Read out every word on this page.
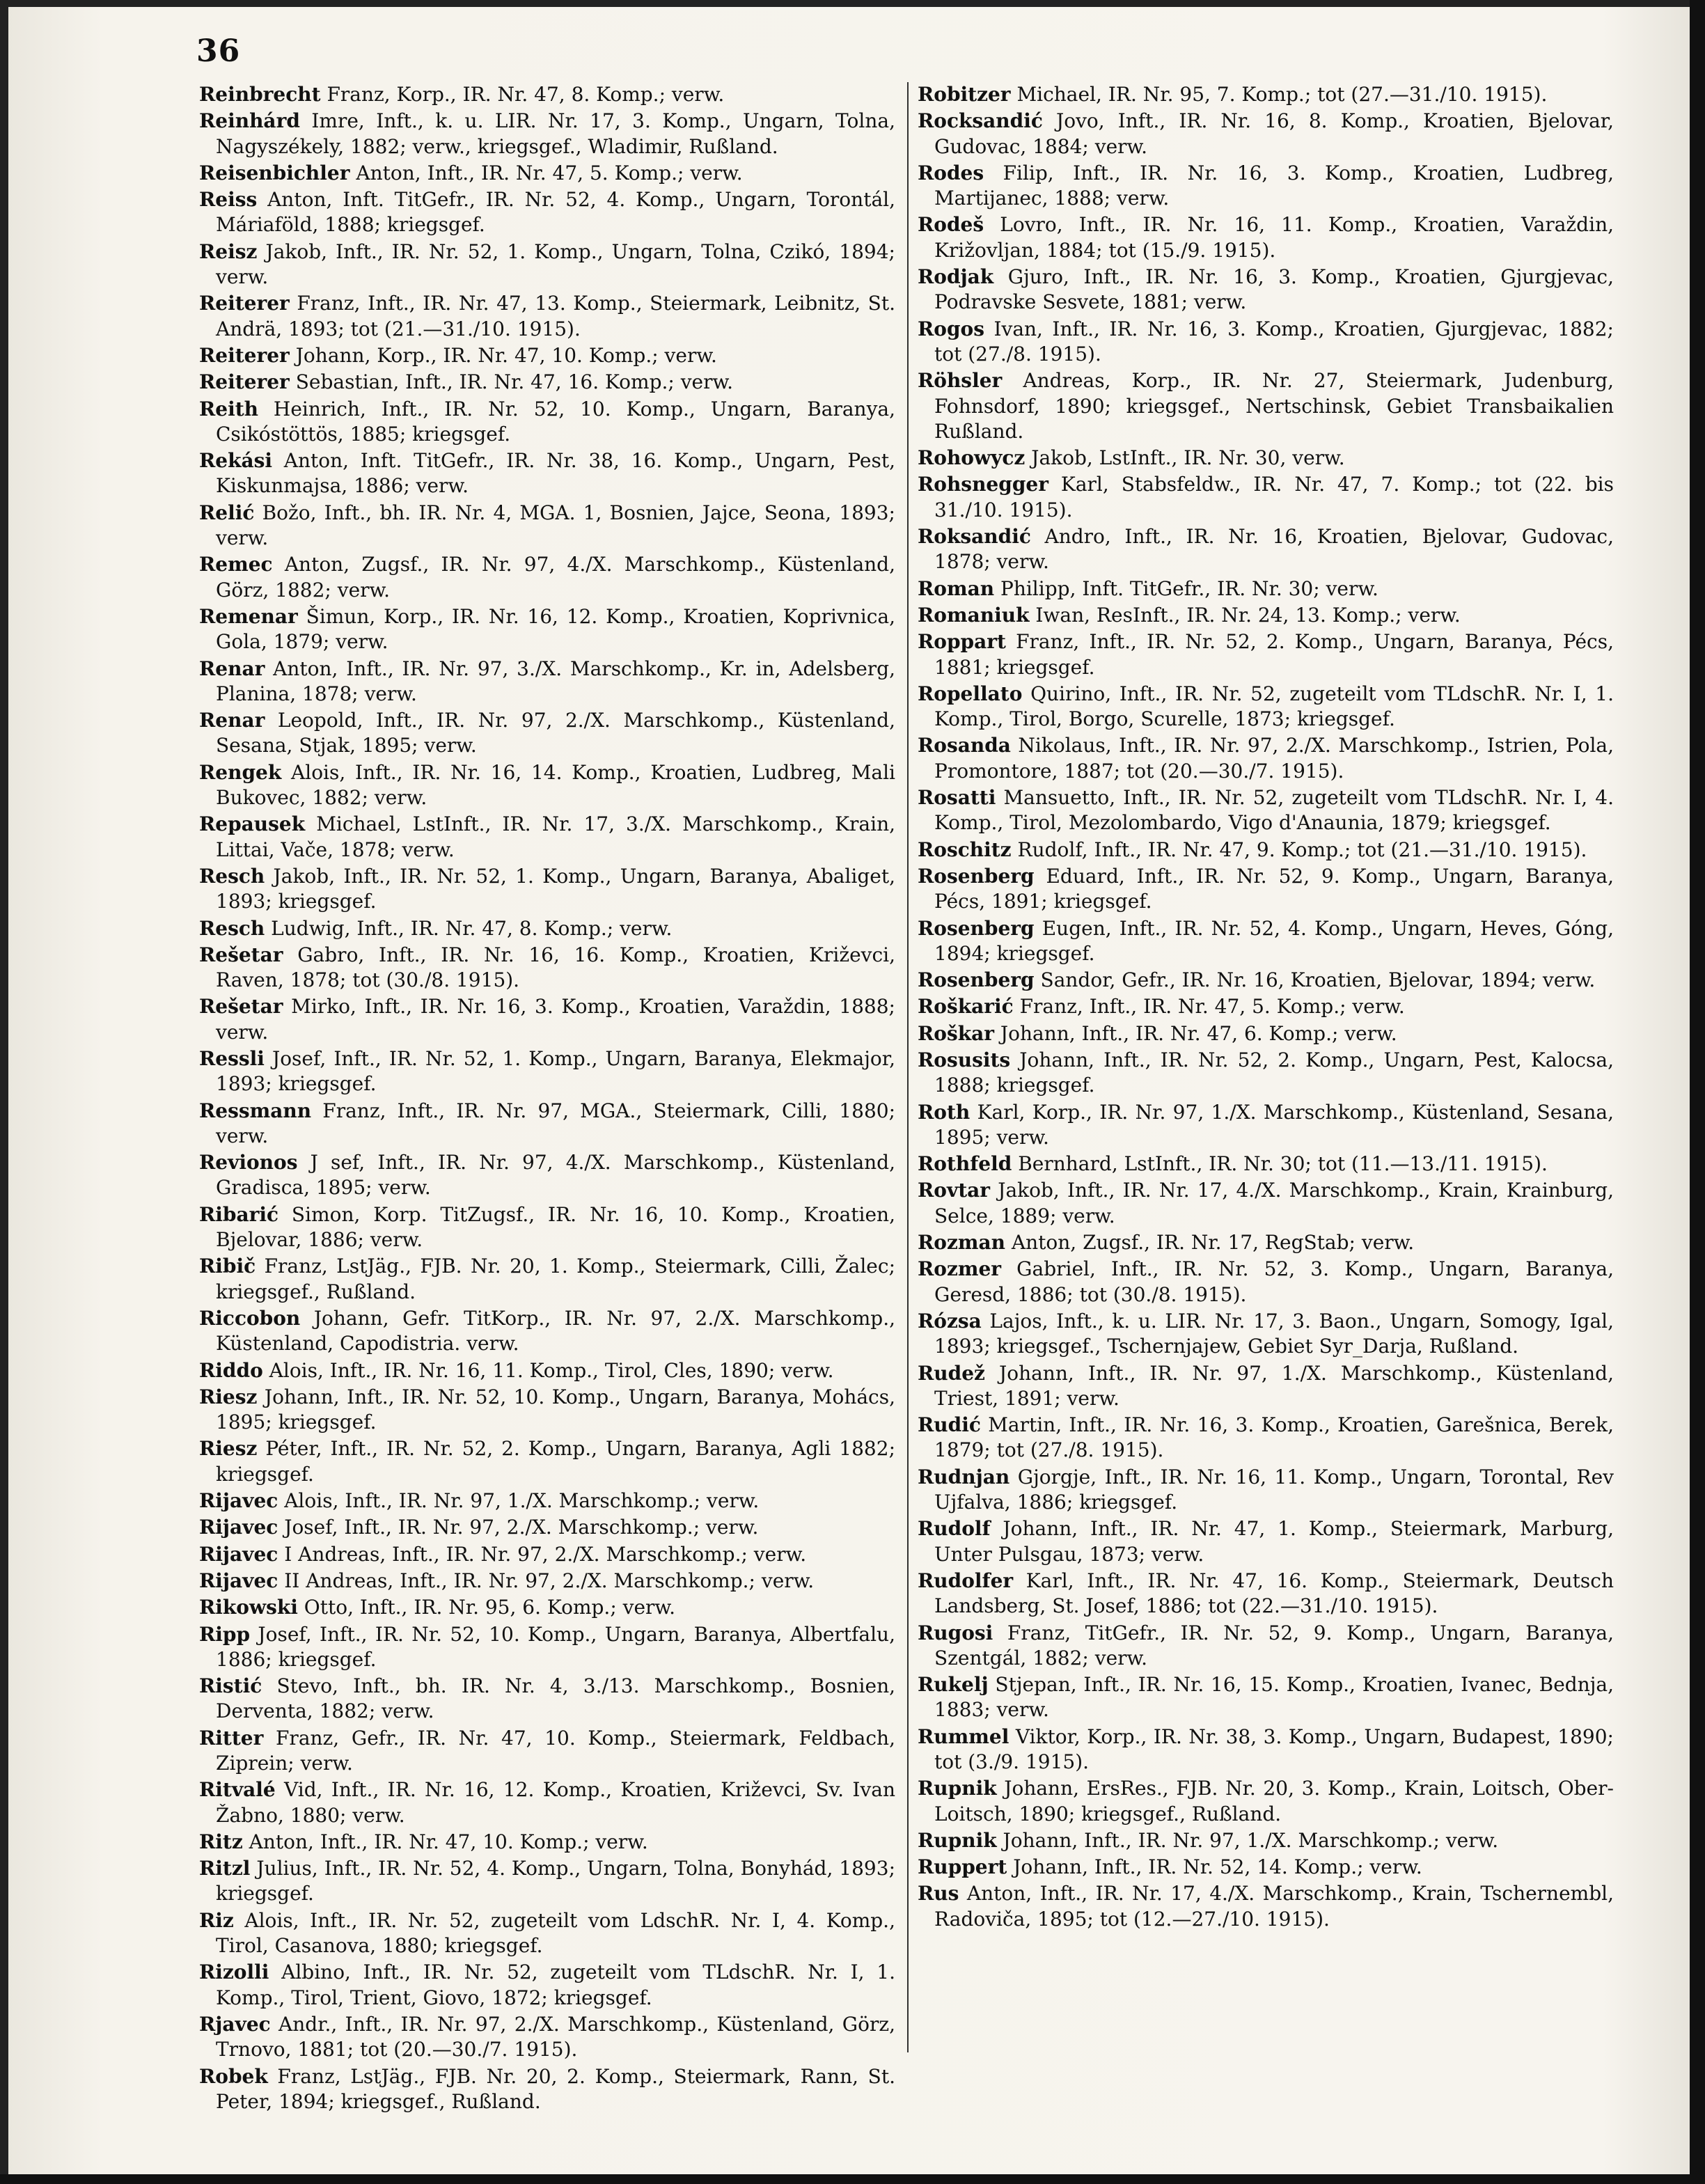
36

Reinbrecht Franz, Korp., IR. Nr. 47, 8. Komp.; verw.

Reinhárd Imre, Inft., k. u. LIR. Nr. 17, 3. Komp., Ungarn, Tolna, Nagyszékely, 1882; verw., kriegsgef., Wladimir, Rußland.

Reisenbichler Anton, Inft., IR. Nr. 47, 5. Komp.; verw.

Reiss Anton, Inft. TitGefr., IR. Nr. 52, 4. Komp., Ungarn, Torontál, Máriaföld, 1888; kriegsgef.

Reisz Jakob, Inft., IR. Nr. 52, 1. Komp., Ungarn, Tolna, Czikó, 1894; verw.

Reiterer Franz, Inft., IR. Nr. 47, 13. Komp., Steiermark, Leibnitz, St. Andrä, 1893; tot (21.—31./10. 1915).

Reiterer Johann, Korp., IR. Nr. 47, 10. Komp.; verw.

Reiterer Sebastian, Inft., IR. Nr. 47, 16. Komp.; verw.

Reith Heinrich, Inft., IR. Nr. 52, 10. Komp., Ungarn, Baranya, Csikóstöttös, 1885; kriegsgef.

Rekási Anton, Inft. TitGefr., IR. Nr. 38, 16. Komp., Ungarn, Pest, Kiskunmajsa, 1886; verw.

Relić Božo, Inft., bh. IR. Nr. 4, MGA. 1, Bosnien, Jajce, Seona, 1893; verw.

Remec Anton, Zugsf., IR. Nr. 97, 4./X. Marschkomp., Küstenland, Görz, 1882; verw.

Remenar Šimun, Korp., IR. Nr. 16, 12. Komp., Kroatien, Koprivnica, Gola, 1879; verw.

Renar Anton, Inft., IR. Nr. 97, 3./X. Marschkomp., Kr. in, Adelsberg, Planina, 1878; verw.

Renar Leopold, Inft., IR. Nr. 97, 2./X. Marschkomp., Küstenland, Sesana, Stjak, 1895; verw.

Rengek Alois, Inft., IR. Nr. 16, 14. Komp., Kroatien, Ludbreg, Mali Bukovec, 1882; verw.

Repausek Michael, LstInft., IR. Nr. 17, 3./X. Marschkomp., Krain, Littai, Vače, 1878; verw.

Resch Jakob, Inft., IR. Nr. 52, 1. Komp., Ungarn, Baranya, Abaliget, 1893; kriegsgef.

Resch Ludwig, Inft., IR. Nr. 47, 8. Komp.; verw.

Rešetar Gabro, Inft., IR. Nr. 16, 16. Komp., Kroatien, Križevci, Raven, 1878; tot (30./8. 1915).

Rešetar Mirko, Inft., IR. Nr. 16, 3. Komp., Kroatien, Varaždin, 1888; verw.

Ressli Josef, Inft., IR. Nr. 52, 1. Komp., Ungarn, Baranya, Elekmajor, 1893; kriegsgef.

Ressmann Franz, Inft., IR. Nr. 97, MGA., Steiermark, Cilli, 1880; verw.

Revionos J sef, Inft., IR. Nr. 97, 4./X. Marschkomp., Küstenland, Gradisca, 1895; verw.

Ribarić Simon, Korp. TitZugsf., IR. Nr. 16, 10. Komp., Kroatien, Bjelovar, 1886; verw.

Ribič Franz, LstJäg., FJB. Nr. 20, 1. Komp., Steiermark, Cilli, Žalec; kriegsgef., Rußland.

Riccobon Johann, Gefr. TitKorp., IR. Nr. 97, 2./X. Marschkomp., Küstenland, Capodistria. verw.

Riddo Alois, Inft., IR. Nr. 16, 11. Komp., Tirol, Cles, 1890; verw.

Riesz Johann, Inft., IR. Nr. 52, 10. Komp., Ungarn, Baranya, Mohács, 1895; kriegsgef.

Riesz Péter, Inft., IR. Nr. 52, 2. Komp., Ungarn, Baranya, Agli 1882; kriegsgef.

Rijavec Alois, Inft., IR. Nr. 97, 1./X. Marschkomp.; verw.

Rijavec Josef, Inft., IR. Nr. 97, 2./X. Marschkomp.; verw.

Rijavec I Andreas, Inft., IR. Nr. 97, 2./X. Marschkomp.; verw.

Rijavec II Andreas, Inft., IR. Nr. 97, 2./X. Marschkomp.; verw.

Rikowski Otto, Inft., IR. Nr. 95, 6. Komp.; verw.

Ripp Josef, Inft., IR. Nr. 52, 10. Komp., Ungarn, Baranya, Albertfalu, 1886; kriegsgef.

Ristić Stevo, Inft., bh. IR. Nr. 4, 3./13. Marschkomp., Bosnien, Derventa, 1882; verw.

Ritter Franz, Gefr., IR. Nr. 47, 10. Komp., Steiermark, Feldbach, Ziprein; verw.

Ritvalé Vid, Inft., IR. Nr. 16, 12. Komp., Kroatien, Križevci, Sv. Ivan Žabno, 1880; verw.

Ritz Anton, Inft., IR. Nr. 47, 10. Komp.; verw.

Ritzl Julius, Inft., IR. Nr. 52, 4. Komp., Ungarn, Tolna, Bonyhád, 1893; kriegsgef.

Riz Alois, Inft., IR. Nr. 52, zugeteilt vom LdschR. Nr. I, 4. Komp., Tirol, Casanova, 1880; kriegsgef.

Rizolli Albino, Inft., IR. Nr. 52, zugeteilt vom TLdschR. Nr. I, 1. Komp., Tirol, Trient, Giovo, 1872; kriegsgef.

Rjavec Andr., Inft., IR. Nr. 97, 2./X. Marschkomp., Küstenland, Görz, Trnovo, 1881; tot (20.—30./7. 1915).

Robek Franz, LstJäg., FJB. Nr. 20, 2. Komp., Steiermark, Rann, St. Peter, 1894; kriegsgef., Rußland.

Robitzer Michael, IR. Nr. 95, 7. Komp.; tot (27.—31./10. 1915).

Rocksandić Jovo, Inft., IR. Nr. 16, 8. Komp., Kroatien, Bjelovar, Gudovac, 1884; verw.

Rodes Filip, Inft., IR. Nr. 16, 3. Komp., Kroatien, Ludbreg, Martijanec, 1888; verw.

Rodeš Lovro, Inft., IR. Nr. 16, 11. Komp., Kroatien, Varaždin, Križovljan, 1884; tot (15./9. 1915).

Rodjak Gjuro, Inft., IR. Nr. 16, 3. Komp., Kroatien, Gjurgjevac, Podravske Sesvete, 1881; verw.

Rogos Ivan, Inft., IR. Nr. 16, 3. Komp., Kroatien, Gjurgjevac, 1882; tot (27./8. 1915).

Röhsler Andreas, Korp., IR. Nr. 27, Steiermark, Judenburg, Fohnsdorf, 1890; kriegsgef., Nertschinsk, Gebiet Transbaikalien Rußland.

Rohowycz Jakob, LstInft., IR. Nr. 30, verw.

Rohsnegger Karl, Stabsfeldw., IR. Nr. 47, 7. Komp.; tot (22. bis 31./10. 1915).

Roksandić Andro, Inft., IR. Nr. 16, Kroatien, Bjelovar, Gudovac, 1878; verw.

Roman Philipp, Inft. TitGefr., IR. Nr. 30; verw.

Romaniuk Iwan, ResInft., IR. Nr. 24, 13. Komp.; verw.

Roppart Franz, Inft., IR. Nr. 52, 2. Komp., Ungarn, Baranya, Pécs, 1881; kriegsgef.

Ropellato Quirino, Inft., IR. Nr. 52, zugeteilt vom TLdschR. Nr. I, 1. Komp., Tirol, Borgo, Scurelle, 1873; kriegsgef.

Rosanda Nikolaus, Inft., IR. Nr. 97, 2./X. Marschkomp., Istrien, Pola, Promontore, 1887; tot (20.—30./7. 1915).

Rosatti Mansuetto, Inft., IR. Nr. 52, zugeteilt vom TLdschR. Nr. I, 4. Komp., Tirol, Mezolombardo, Vigo d'Anaunia, 1879; kriegsgef.

Roschitz Rudolf, Inft., IR. Nr. 47, 9. Komp.; tot (21.—31./10. 1915).

Rosenberg Eduard, Inft., IR. Nr. 52, 9. Komp., Ungarn, Baranya, Pécs, 1891; kriegsgef.

Rosenberg Eugen, Inft., IR. Nr. 52, 4. Komp., Ungarn, Heves, Góng, 1894; kriegsgef.

Rosenberg Sandor, Gefr., IR. Nr. 16, Kroatien, Bjelovar, 1894; verw.

Roškarić Franz, Inft., IR. Nr. 47, 5. Komp.; verw.

Roškar Johann, Inft., IR. Nr. 47, 6. Komp.; verw.

Rosusits Johann, Inft., IR. Nr. 52, 2. Komp., Ungarn, Pest, Kalocsa, 1888; kriegsgef.

Roth Karl, Korp., IR. Nr. 97, 1./X. Marschkomp., Küstenland, Sesana, 1895; verw.

Rothfeld Bernhard, LstInft., IR. Nr. 30; tot (11.—13./11. 1915).

Rovtar Jakob, Inft., IR. Nr. 17, 4./X. Marschkomp., Krain, Krainburg, Selce, 1889; verw.

Rozman Anton, Zugsf., IR. Nr. 17, RegStab; verw.

Rozmer Gabriel, Inft., IR. Nr. 52, 3. Komp., Ungarn, Baranya, Geresd, 1886; tot (30./8. 1915).

Rózsa Lajos, Inft., k. u. LIR. Nr. 17, 3. Baon., Ungarn, Somogy, Igal, 1893; kriegsgef., Tschernjajew, Gebiet Syr_Darja, Rußland.

Rudež Johann, Inft., IR. Nr. 97, 1./X. Marschkomp., Küstenland, Triest, 1891; verw.

Rudić Martin, Inft., IR. Nr. 16, 3. Komp., Kroatien, Garešnica, Berek, 1879; tot (27./8. 1915).

Rudnjan Gjorgje, Inft., IR. Nr. 16, 11. Komp., Ungarn, Torontal, Rev Ujfalva, 1886; kriegsgef.

Rudolf Johann, Inft., IR. Nr. 47, 1. Komp., Steiermark, Marburg, Unter Pulsgau, 1873; verw.

Rudolfer Karl, Inft., IR. Nr. 47, 16. Komp., Steiermark, Deutsch Landsberg, St. Josef, 1886; tot (22.—31./10. 1915).

Rugosi Franz, TitGefr., IR. Nr. 52, 9. Komp., Ungarn, Baranya, Szentgál, 1882; verw.

Rukelj Stjepan, Inft., IR. Nr. 16, 15. Komp., Kroatien, Ivanec, Bednja, 1883; verw.

Rummel Viktor, Korp., IR. Nr. 38, 3. Komp., Ungarn, Budapest, 1890; tot (3./9. 1915).

Rupnik Johann, ErsRes., FJB. Nr. 20, 3. Komp., Krain, Loitsch, Ober-Loitsch, 1890; kriegsgef., Rußland.

Rupnik Johann, Inft., IR. Nr. 97, 1./X. Marschkomp.; verw.

Ruppert Johann, Inft., IR. Nr. 52, 14. Komp.; verw.

Rus Anton, Inft., IR. Nr. 17, 4./X. Marschkomp., Krain, Tschernembl, Radoviča, 1895; tot (12.—27./10. 1915).
